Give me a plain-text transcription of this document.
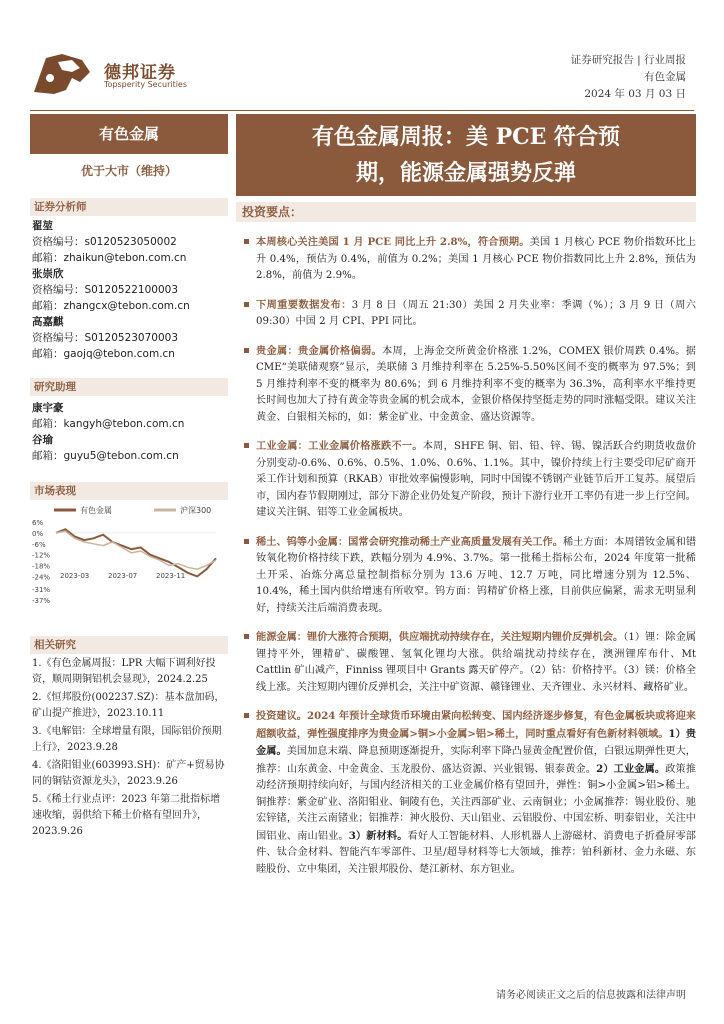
德邦证券
Topsperity Securities
证券研究报告 | 行业周报
有色金属
2024 年 03 月 03 日
有色金属
优于大市（维持）
证券分析师
翟堃
资格编号：s0120523050002
邮箱：zhaikun@tebon.com.cn
张崇欣
资格编号：S0120522100003
邮箱：zhangcx@tebon.com.cn
高嘉麒
资格编号：S0120523070003
邮箱：gaojq@tebon.com.cn
研究助理
康宇豪
邮箱：kangyh@tebon.com.cn
谷瑜
邮箱：guyu5@tebon.com.cn
市场表现
有色金属	沪深300
6%
0%
-6%
-12%
-18%
-24%
-31%
-37%
2023-03	2023-07	2023-11
相关研究
1.《有色金属周报：LPR 大幅下调利好投资，顺周期铜铝机会显现》，2024.2.25
2.《恒邦股份(002237.SZ)：基本盘加码，矿山提产推进》，2023.10.11
3.《电解铝：全球增量有限，国际铝价预期上行》，2023.9.28
4.《洛阳钼业(603993.SH)：矿产+贸易协同的铜钴资源龙头》，2023.9.26
5.《稀土行业点评：2023 年第二批指标增速收缩，弱供给下稀土价格有望回升》，2023.9.26
有色金属周报：美 PCE 符合预
期，能源金属强势反弹
投资要点：
本周核心关注美国 1 月 PCE 同比上升 2.8%，符合预期。美国 1 月核心 PCE 物价指数环比上升 0.4%，预估为 0.4%，前值为 0.2%；美国 1 月核心 PCE 物价指数同比上升 2.8%，预估为 2.8%，前值为 2.9%。
下周重要数据发布：3 月 8 日（周五 21:30）美国 2 月失业率：季调（%）；3 月 9 日（周六 09:30）中国 2 月 CPI、PPI 同比。
贵金属：贵金属价格偏弱。本周，上海金交所黄金价格涨 1.2%，COMEX 银价周跌 0.4%。据 CME“美联储观察”显示，美联储 3 月维持利率在 5.25%-5.50%区间不变的概率为 97.5%；到 5 月维持利率不变的概率为 80.6%；到 6 月维持利率不变的概率为 36.3%，高利率水平维持更长时间也加大了持有黄金等贵金属的机会成本，金银价格保持坚挺走势的同时涨幅受限。建议关注黄金、白银相关标的，如：紫金矿业、中金黄金、盛达资源等。
工业金属：工业金属价格涨跌不一。本周，SHFE 铜、铝、铅、锌、锡、镍活跃合约期货收盘价分别变动-0.6%、0.6%、0.5%、1.0%、0.6%、1.1%。其中，镍价持续上行主要受印尼矿商开采工作计划和预算（RKAB）审批效率偏慢影响，同时中国镍不锈钢产业链节后开工复苏。展望后市，国内春节假期刚过，部分下游企业仍处复产阶段，预计下游行业开工率仍有进一步上行空间。建议关注铜、铝等工业金属板块。
稀土、钨等小金属：国常会研究推动稀土产业高质量发展有关工作。稀土方面：本周镨钕金属和镨钕氧化物价格持续下跌，跌幅分别为 4.9%、3.7%。第一批稀土指标公布，2024 年度第一批稀土开采、冶炼分离总量控制指标分别为 13.6 万吨、12.7 万吨，同比增速分别为 12.5%、10.4%，稀土国内供给增速有所收窄。钨方面：钨精矿价格上涨，目前供应偏紧，需求无明显利好，持续关注后端消费表现。
能源金属：锂价大涨符合预期，供应端扰动持续存在，关注短期内锂价反弹机会。（1）锂：除金属锂持平外，锂精矿、碳酸锂、氢氧化锂均大涨。供给端扰动持续存在，澳洲锂库布什、Mt Cattlin 矿山减产，Finniss 锂项目中 Grants 露天矿停产。（2）钴：价格持平。（3）镁：价格全线上涨。关注短期内锂价反弹机会，关注中矿资源、赣锋锂业、天齐锂业、永兴材料、藏格矿业。
投资建议。2024 年预计全球货币环境由紧向松转变、国内经济逐步修复，有色金属板块或将迎来超额收益，弹性强度排序为贵金属>铜>小金属>铝>稀土，同时重点看好有色新材料领域。1）贵金属。美国加息末端、降息预期逐渐提升，实际利率下降凸显黄金配置价值，白银远期弹性更大，推荐：山东黄金、中金黄金、玉龙股份、盛达资源、兴业银锡、银泰黄金。2）工业金属。政策推动经济预期持续向好，与国内经济相关的工业金属价格有望回升，弹性：铜>小金属>铝>稀土。铜推荐：紫金矿业、洛阳钼业、铜陵有色，关注西部矿业、云南铜业；小金属推荐：锡业股份、驰宏锌锗，关注云南锗业；铝推荐：神火股份、天山铝业、云铝股份、中国宏桥、明泰铝业，关注中国铝业、南山铝业。3）新材料。看好人工智能材料、人形机器人上游磁材、消费电子折叠屏零部件、钛合金材料、智能汽车零部件、卫星/超导材料等七大领域，推荐：铂科新材、金力永磁、东睦股份、立中集团，关注银邦股份、楚江新材、东方钽业。
请务必阅读正文之后的信息披露和法律声明
